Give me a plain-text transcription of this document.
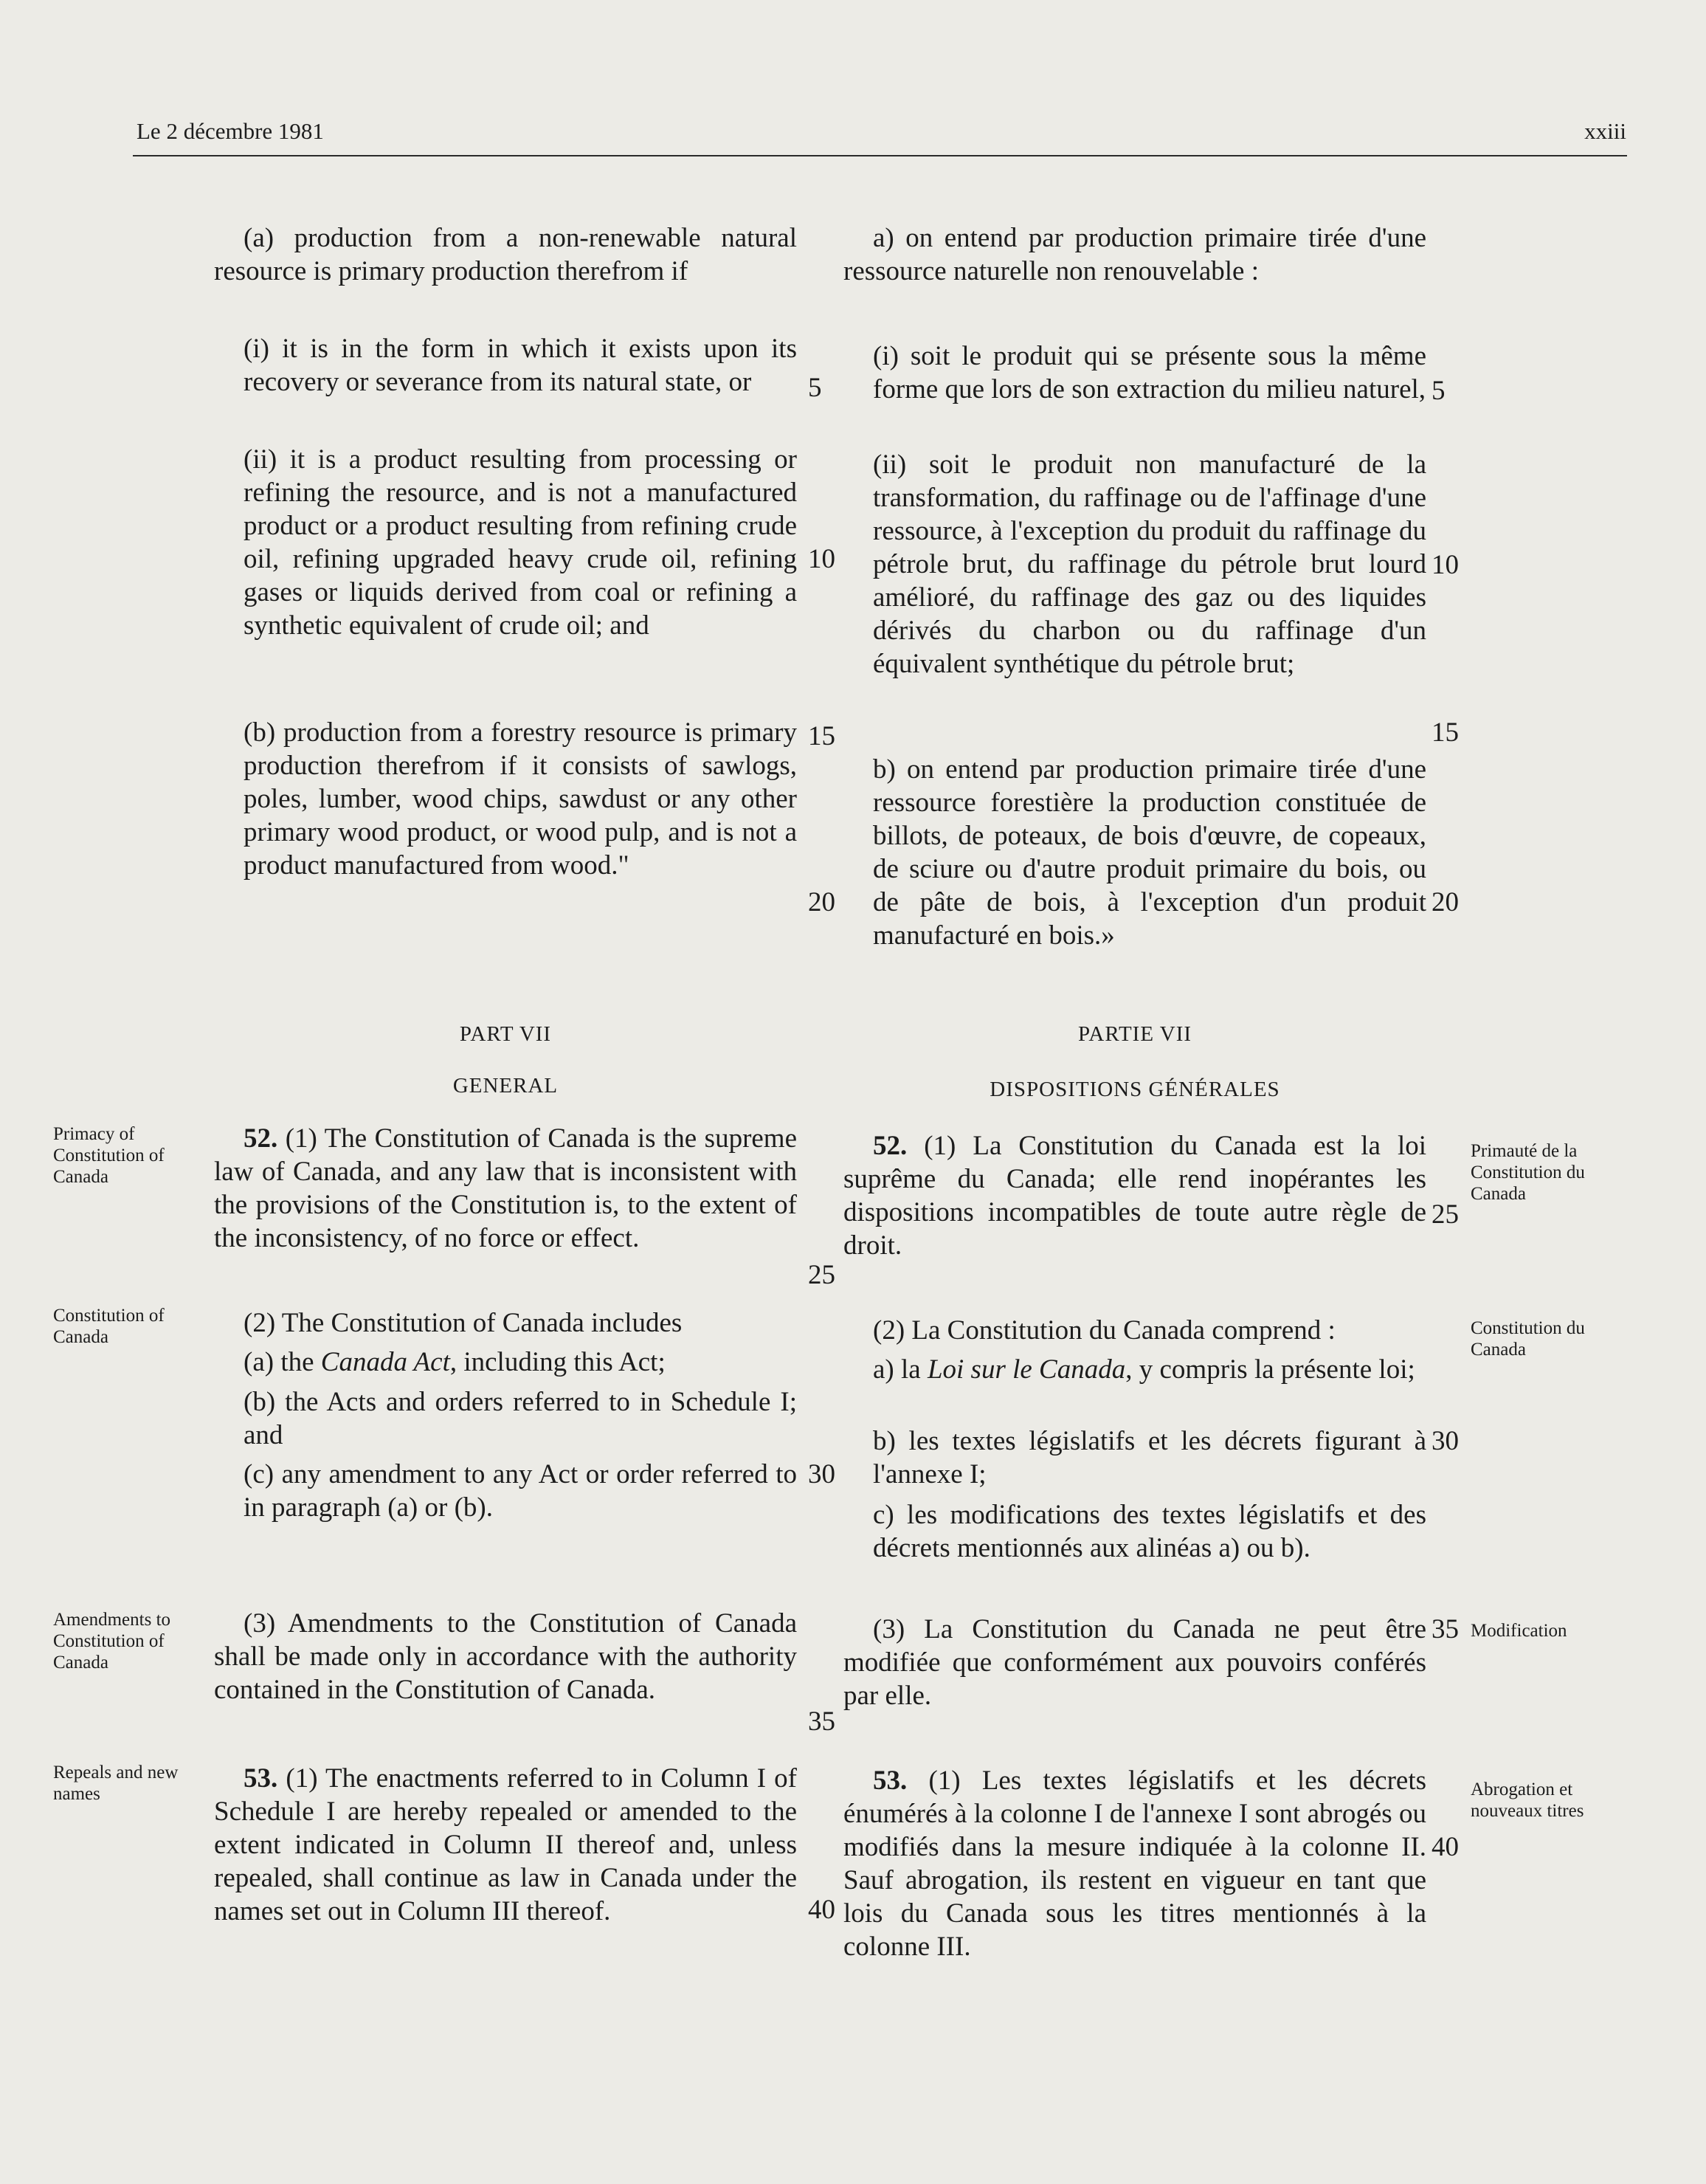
Le 2 décembre 1981	xxiii

(a) production from a non-renewable natural resource is primary production therefrom if

(i) it is in the form in which it exists upon its recovery or severance from its natural state, or
(ii) it is a product resulting from processing or refining the resource, and is not a manufactured product or a product resulting from refining crude oil, refining upgraded heavy crude oil, refining gases or liquids derived from coal or refining a synthetic equivalent of crude oil; and
(b) production from a forestry resource is primary production therefrom if it consists of sawlogs, poles, lumber, wood chips, sawdust or any other primary wood product, or wood pulp, and is not a product manufactured from wood."
PART VII
GENERAL

52. (1) The Constitution of Canada is the supreme law of Canada, and any law that is inconsistent with the provisions of the Constitution is, to the extent of the inconsistency, of no force or effect.

(2) The Constitution of Canada includes
(a) the Canada Act, including this Act;
(b) the Acts and orders referred to in Schedule I; and
(c) any amendment to any Act or order referred to in paragraph (a) or (b).

(3) Amendments to the Constitution of Canada shall be made only in accordance with the authority contained in the Constitution of Canada.

53. (1) The enactments referred to in Column I of Schedule I are hereby repealed or amended to the extent indicated in Column II thereof and, unless repealed, shall continue as law in Canada under the names set out in Column III thereof.

5
10
15
20
25
30
35
40

a) on entend par production primaire tirée d'une ressource naturelle non renouvelable :

(i) soit le produit qui se présente sous la même forme que lors de son extraction du milieu naturel,
(ii) soit le produit non manufacturé de la transformation, du raffinage ou de l'affinage d'une ressource, à l'exception du produit du raffinage du pétrole brut, du raffinage du pétrole brut lourd amélioré, du raffinage des gaz ou des liquides dérivés du charbon ou du raffinage d'un équivalent synthétique du pétrole brut;
b) on entend par production primaire tirée d'une ressource forestière la production constituée de billots, de poteaux, de bois d'œuvre, de copeaux, de sciure ou d'autre produit primaire du bois, ou de pâte de bois, à l'exception d'un produit manufacturé en bois.»
PARTIE VII
DISPOSITIONS GÉNÉRALES

52. (1) La Constitution du Canada est la loi suprême du Canada; elle rend inopérantes les dispositions incompatibles de toute autre règle de droit.

(2) La Constitution du Canada comprend :
a) la Loi sur le Canada, y compris la présente loi;
b) les textes législatifs et les décrets figurant à l'annexe I;
c) les modifications des textes législatifs et des décrets mentionnés aux alinéas a) ou b).

(3) La Constitution du Canada ne peut être modifiée que conformément aux pouvoirs conférés par elle.

53. (1) Les textes législatifs et les décrets énumérés à la colonne I de l'annexe I sont abrogés ou modifiés dans la mesure indiquée à la colonne II. Sauf abrogation, ils restent en vigueur en tant que lois du Canada sous les titres mentionnés à la colonne III.

5
10
15
20
25
30
35
40
Primacy of Constitution of Canada
Constitution of Canada
Amendments to Constitution of Canada
Repeals and new names
Primauté de la Constitution du Canada
Constitution du Canada
Modification
Abrogation et nouveaux titres
